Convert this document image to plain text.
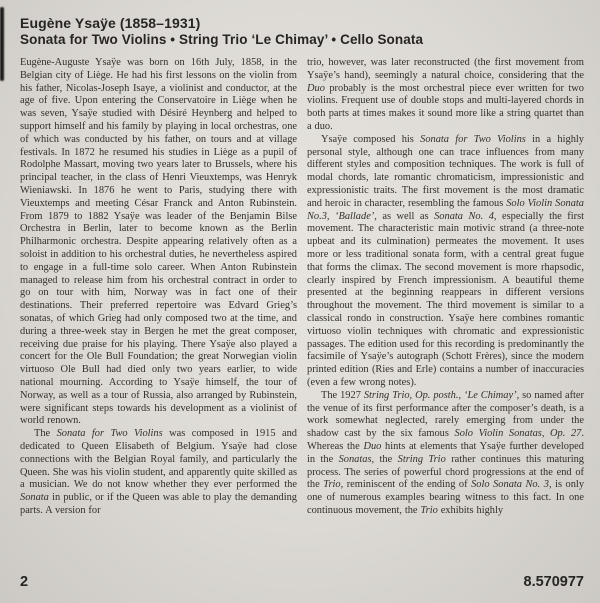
Eugène Ysaÿe (1858–1931)
Sonata for Two Violins • String Trio ‘Le Chimay’ • Cello Sonata

Eugène-Auguste Ysaÿe was born on 16th July, 1858, in the Belgian city of Liège. He had his first lessons on the violin from his father, Nicolas-Joseph Isaye, a violinist and conductor, at the age of five. Upon entering the Conservatoire in Liège when he was seven, Ysaÿe studied with Désiré Heynberg and helped to support himself and his family by playing in local orchestras, one of which was conducted by his father, on tours and at village festivals. In 1872 he resumed his studies in Liège as a pupil of Rodolphe Massart, moving two years later to Brussels, where his principal teacher, in the class of Henri Vieuxtemps, was Henryk Wieniawski. In 1876 he went to Paris, studying there with Vieuxtemps and meeting César Franck and Anton Rubinstein. From 1879 to 1882 Ysaÿe was leader of the Benjamin Bilse Orchestra in Berlin, later to become known as the Berlin Philharmonic orchestra. Despite appearing relatively often as a soloist in addition to his orchestral duties, he nevertheless aspired to engage in a full-time solo career. When Anton Rubinstein managed to release him from his orchestral contract in order to go on tour with him, Norway was in fact one of their destinations. Their preferred repertoire was Edvard Grieg’s sonatas, of which Grieg had only composed two at the time, and during a three-week stay in Bergen he met the great composer, receiving due praise for his playing. There Ysaÿe also played a concert for the Ole Bull Foundation; the great Norwegian violin virtuoso Ole Bull had died only two years earlier, to wide national mourning. According to Ysaÿe himself, the tour of Norway, as well as a tour of Russia, also arranged by Rubinstein, were significant steps towards his development as a violinist of world renown.

The Sonata for Two Violins was composed in 1915 and dedicated to Queen Elisabeth of Belgium. Ysaÿe had close connections with the Belgian Royal family, and particularly the Queen. She was his violin student, and apparently quite skilled as a musician. We do not know whether they ever performed the Sonata in public, or if the Queen was able to play the demanding parts. A version for

trio, however, was later reconstructed (the first movement from Ysaÿe’s hand), seemingly a natural choice, considering that the Duo probably is the most orchestral piece ever written for two violins. Frequent use of double stops and multi-layered chords in both parts at times makes it sound more like a string quartet than a duo.

Ysaÿe composed his Sonata for Two Violins in a highly personal style, although one can trace influences from many different styles and composition techniques. The work is full of modal chords, late romantic chromaticism, impressionistic and expressionistic traits. The first movement is the most dramatic and heroic in character, resembling the famous Solo Violin Sonata No.3, ‘Ballade’, as well as Sonata No. 4, especially the first movement. The characteristic main motivic strand (a three-note upbeat and its culmination) permeates the movement. It uses more or less traditional sonata form, with a central great fugue that forms the climax. The second movement is more rhapsodic, clearly inspired by French impressionism. A beautiful theme presented at the beginning reappears in different versions throughout the movement. The third movement is similar to a classical rondo in construction. Ysaÿe here combines romantic virtuoso violin techniques with chromatic and expressionistic passages. The edition used for this recording is predominantly the facsimile of Ysaÿe’s autograph (Schott Frères), since the modern printed edition (Ries and Erle) contains a number of inaccuracies (even a few wrong notes).

The 1927 String Trio, Op. posth., ‘Le Chimay’, so named after the venue of its first performance after the composer’s death, is a work somewhat neglected, rarely emerging from under the shadow cast by the six famous Solo Violin Sonatas, Op. 27. Whereas the Duo hints at elements that Ysaÿe further developed in the Sonatas, the String Trio rather continues this maturing process. The series of powerful chord progressions at the end of the Trio, reminiscent of the ending of Solo Sonata No. 3, is only one of numerous examples bearing witness to this fact. In one continuous movement, the Trio exhibits highly

2	8.570977
